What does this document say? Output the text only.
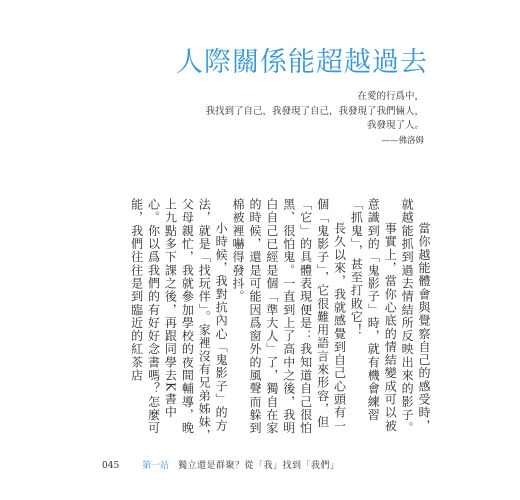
人際關係能超越過去
在愛的行爲中，
我找到了自己，我發現了自己，我發現了我們倆人，
我發現了人。
——佛洛姆

當你越能體會與覺察自己的感受時，就越能抓到過去情結所反映出來的影子。

事實上，當你心底的情結變成可以被意識到的「鬼影子」時，就有機會練習「抓鬼」，甚至打敗它！

長久以來，我就感覺到自己心頭有一個「鬼影子」，它很難用語言來形容，但「它」的具體表現便是：我知道自己很怕黑、很怕鬼。一直到上了高中之後，我明白自己已經是個「準大人」了，獨自在家的時候，還是可能因爲窗外的風聲而躲到棉被裡嚇得發抖。

小時候，我對抗內心「鬼影子」的方法，就是「找玩伴」。家裡沒有兄弟姊妹，父母親忙，我就參加學校的夜間輔導，晚上九點多下課之後，再跟同學去K書中心。你以爲我們的有好好念書嗎？怎麼可能，我們往往是到臨近的紅茶店

045	第一站 獨立還是群聚？從「我」找到「我們」
